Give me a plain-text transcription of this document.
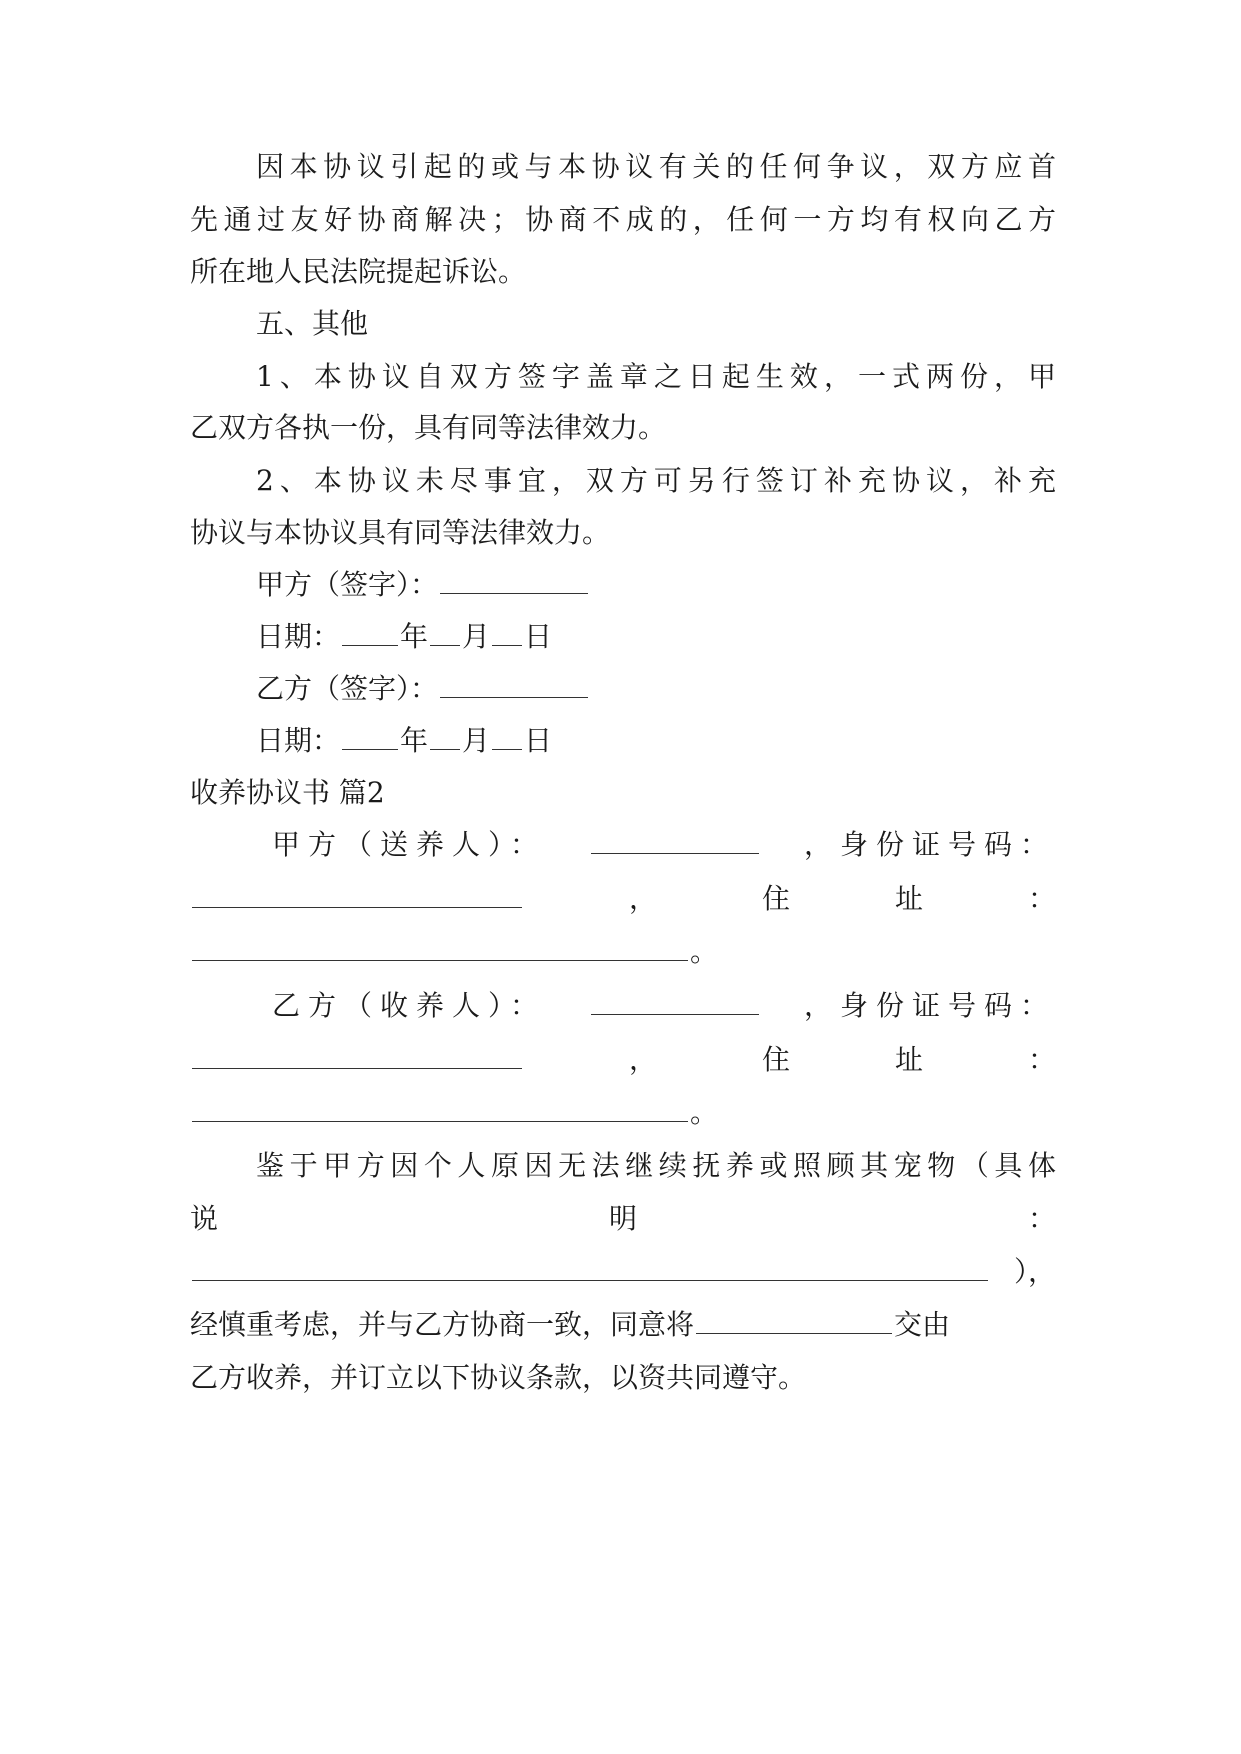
因本协议引起的或与本协议有关的任何争议，双方应首
先通过友好协商解决；协商不成的，任何一方均有权向乙方
所在地人民法院提起诉讼。
五、其他
1、本协议自双方签字盖章之日起生效，一式两份，甲
乙双方各执一份，具有同等法律效力。
2、本协议未尽事宜，双方可另行签订补充协议，补充
协议与本协议具有同等法律效力。
甲方（签字）：
日期： 年 月 日
乙方（签字）：
日期： 年 月 日
收养协议书 篇2
甲方（送养人）：	，身份证号码：
，	住	址	：
。
乙方（收养人）：	，身份证号码：
，	住	址	：
。
鉴于甲方因个人原因无法继续抚养或照顾其宠物（具体
说	明	：
），
经慎重考虑，并与乙方协商一致，同意将	交由
乙方收养，并订立以下协议条款，以资共同遵守。
